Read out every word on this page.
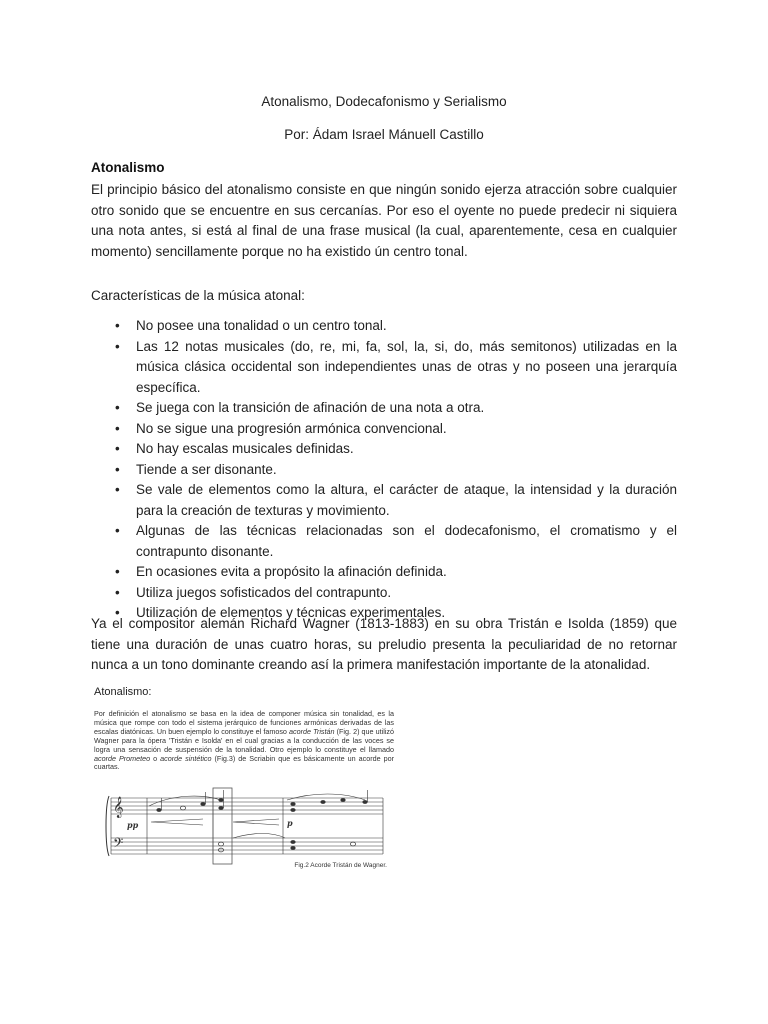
Atonalismo, Dodecafonismo y Serialismo
Por: Ádam Israel Mánuell Castillo
Atonalismo
El principio básico del atonalismo consiste en que ningún sonido ejerza atracción sobre cualquier otro sonido que se encuentre en sus cercanías. Por eso el oyente no puede predecir ni siquiera una nota antes, si está al final de una frase musical (la cual, aparentemente, cesa en cualquier momento) sencillamente porque no ha existido ún centro tonal.
Características de la música atonal:
• No posee una tonalidad o un centro tonal.
• Las 12 notas musicales (do, re, mi, fa, sol, la, si, do, más semitonos) utilizadas en la música clásica occidental son independientes unas de otras y no poseen una jerarquía específica.
• Se juega con la transición de afinación de una nota a otra.
• No se sigue una progresión armónica convencional.
• No hay escalas musicales definidas.
• Tiende a ser disonante.
• Se vale de elementos como la altura, el carácter de ataque, la intensidad y la duración para la creación de texturas y movimiento.
• Algunas de las técnicas relacionadas son el dodecafonismo, el cromatismo y el contrapunto disonante.
• En ocasiones evita a propósito la afinación definida.
• Utiliza juegos sofisticados del contrapunto.
• Utilización de elementos y técnicas experimentales.
Ya el compositor alemán Richard Wagner (1813-1883) en su obra Tristán e Isolda (1859) que tiene una duración de unas cuatro horas, su preludio presenta la peculiaridad de no retornar nunca a un tono dominante creando así la primera manifestación importante de la atonalidad.
Atonalismo:
Por definición el atonalismo se basa en la idea de componer música sin tonalidad, es la música que rompe con todo el sistema jerárquico de funciones armónicas derivadas de las escalas diatónicas. Un buen ejemplo lo constituye el famoso acorde Tristán (Fig. 2) que utilizó Wagner para la ópera 'Tristán e Isolda' en el cual gracias a la conducción de las voces se logra una sensación de suspensión de la tonalidad. Otro ejemplo lo constituye el llamado acorde Prometeo o acorde sintético (Fig.3) de Scriabin que es básicamente un acorde por cuartas.
𝄞
𝄢
pp	p
Fig.2 Acorde Tristán de Wagner.
